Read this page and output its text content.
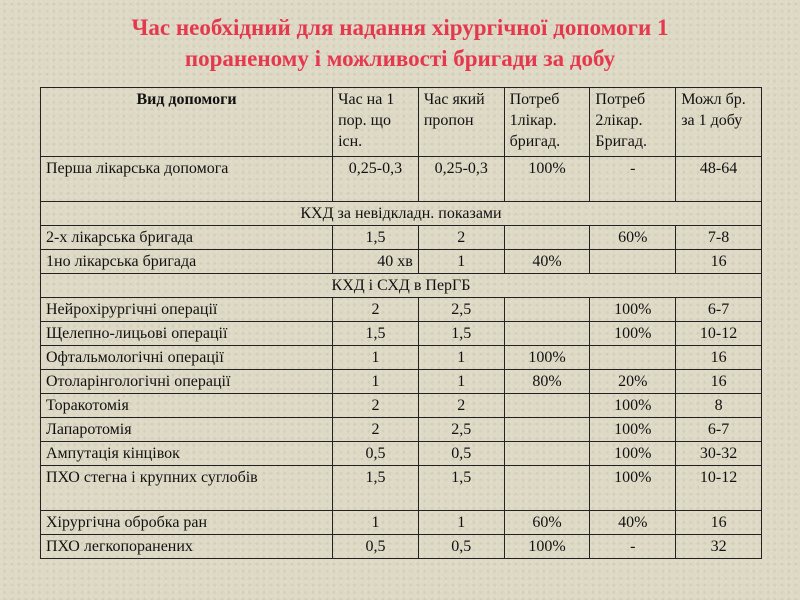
Час необхідний для надання хірургічної допомоги 1
пораненому і можливості бригади за добу
Вид допомоги	Час на 1 пор. що існ.	Час який пропон	Потреб 1лікар. бригад.	Потреб 2лікар. Бригад.	Можл бр. за 1 добу
Перша лікарська допомога	0,25-0,3	0,25-0,3	100%	-	48-64
КХД за невідкладн. показами					
2-х лікарська бригада	1,5	2		60%	7-8
1но лікарська бригада	40 хв	1	40%		16
КХД і СХД в ПерГБ					
Нейрохірургічні операції	2	2,5		100%	6-7
Щелепно-лицьові операції	1,5	1,5		100%	10-12
Офтальмологічні операції	1	1	100%		16
Отоларінгологічні операції	1	1	80%	20%	16
Торакотомія	2	2		100%	8
Лапаротомія	2	2,5		100%	6-7
Ампутація кінцівок	0,5	0,5		100%	30-32
ПХО стегна і крупних суглобів	1,5	1,5		100%	10-12
Хірургічна обробка ран	1	1	60%	40%	16
ПХО легкопоранених	0,5	0,5	100%	-	32
